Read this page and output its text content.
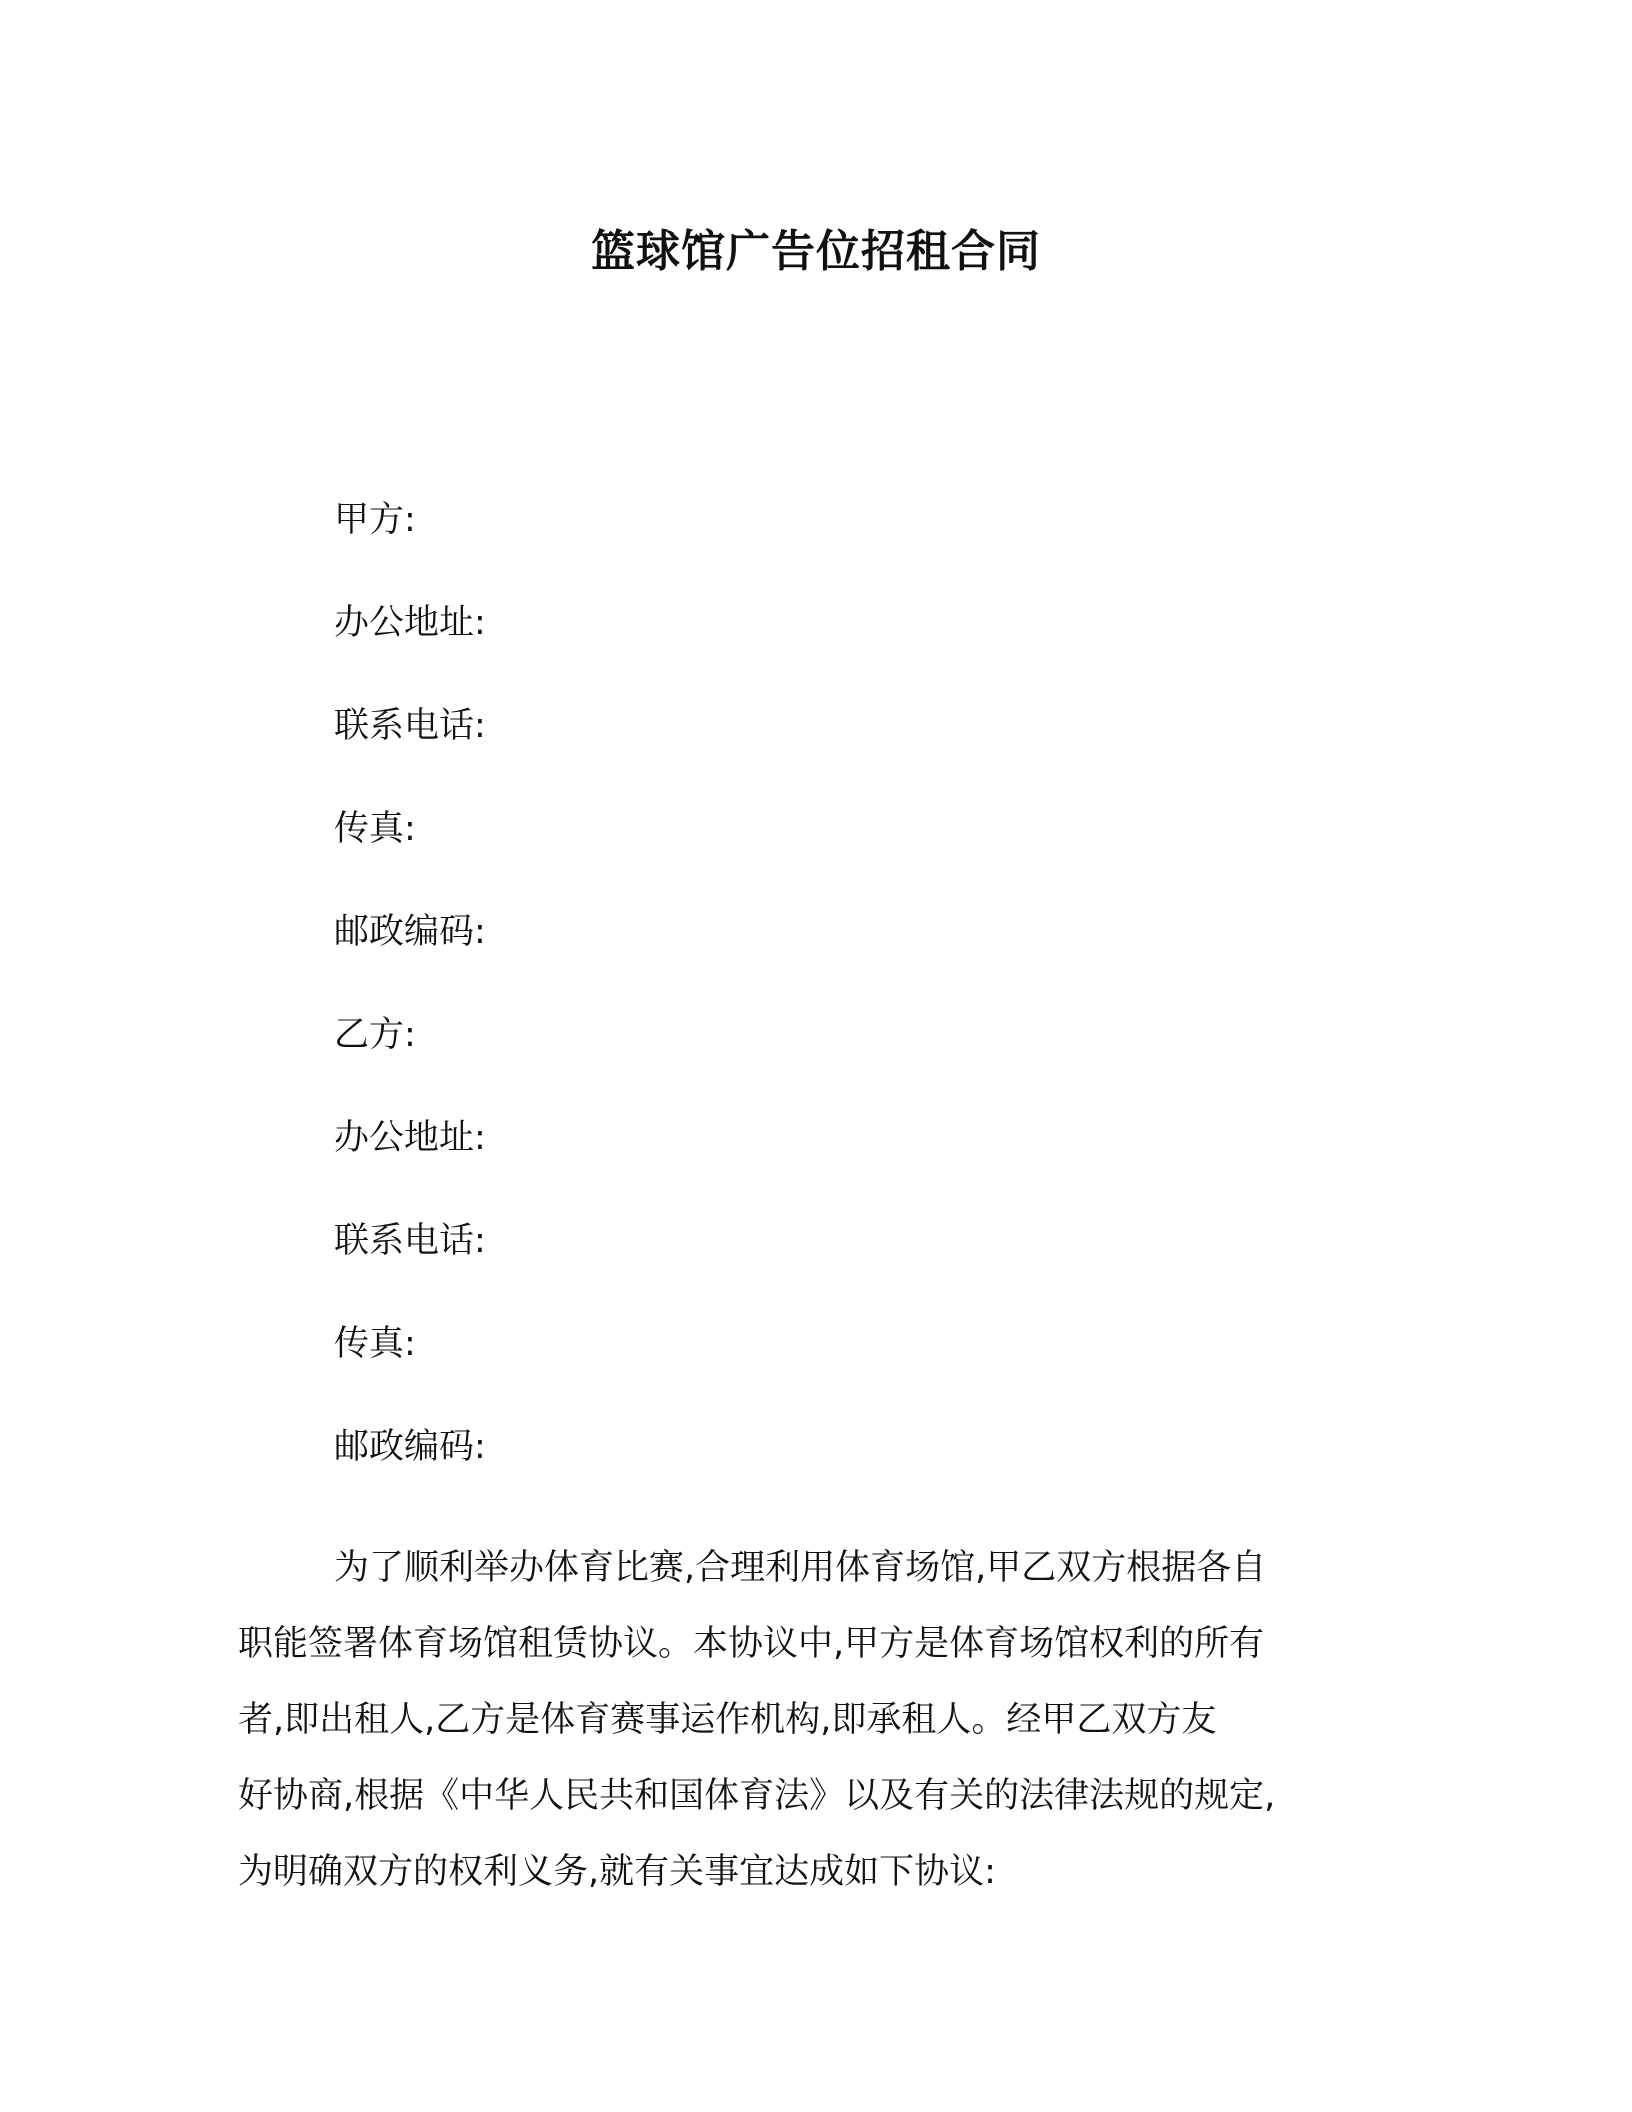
篮球馆广告位招租合同
甲方:
办公地址:
联系电话:
传真:
邮政编码:
乙方:
办公地址:
联系电话:
传真:
邮政编码:
为了顺利举办体育比赛,合理利用体育场馆,甲乙双方根据各自
职能签署体育场馆租赁协议。本协议中,甲方是体育场馆权利的所有
者,即出租人,乙方是体育赛事运作机构,即承租人。经甲乙双方友
好协商,根据《中华人民共和国体育法》以及有关的法律法规的规定,
为明确双方的权利义务,就有关事宜达成如下协议:
